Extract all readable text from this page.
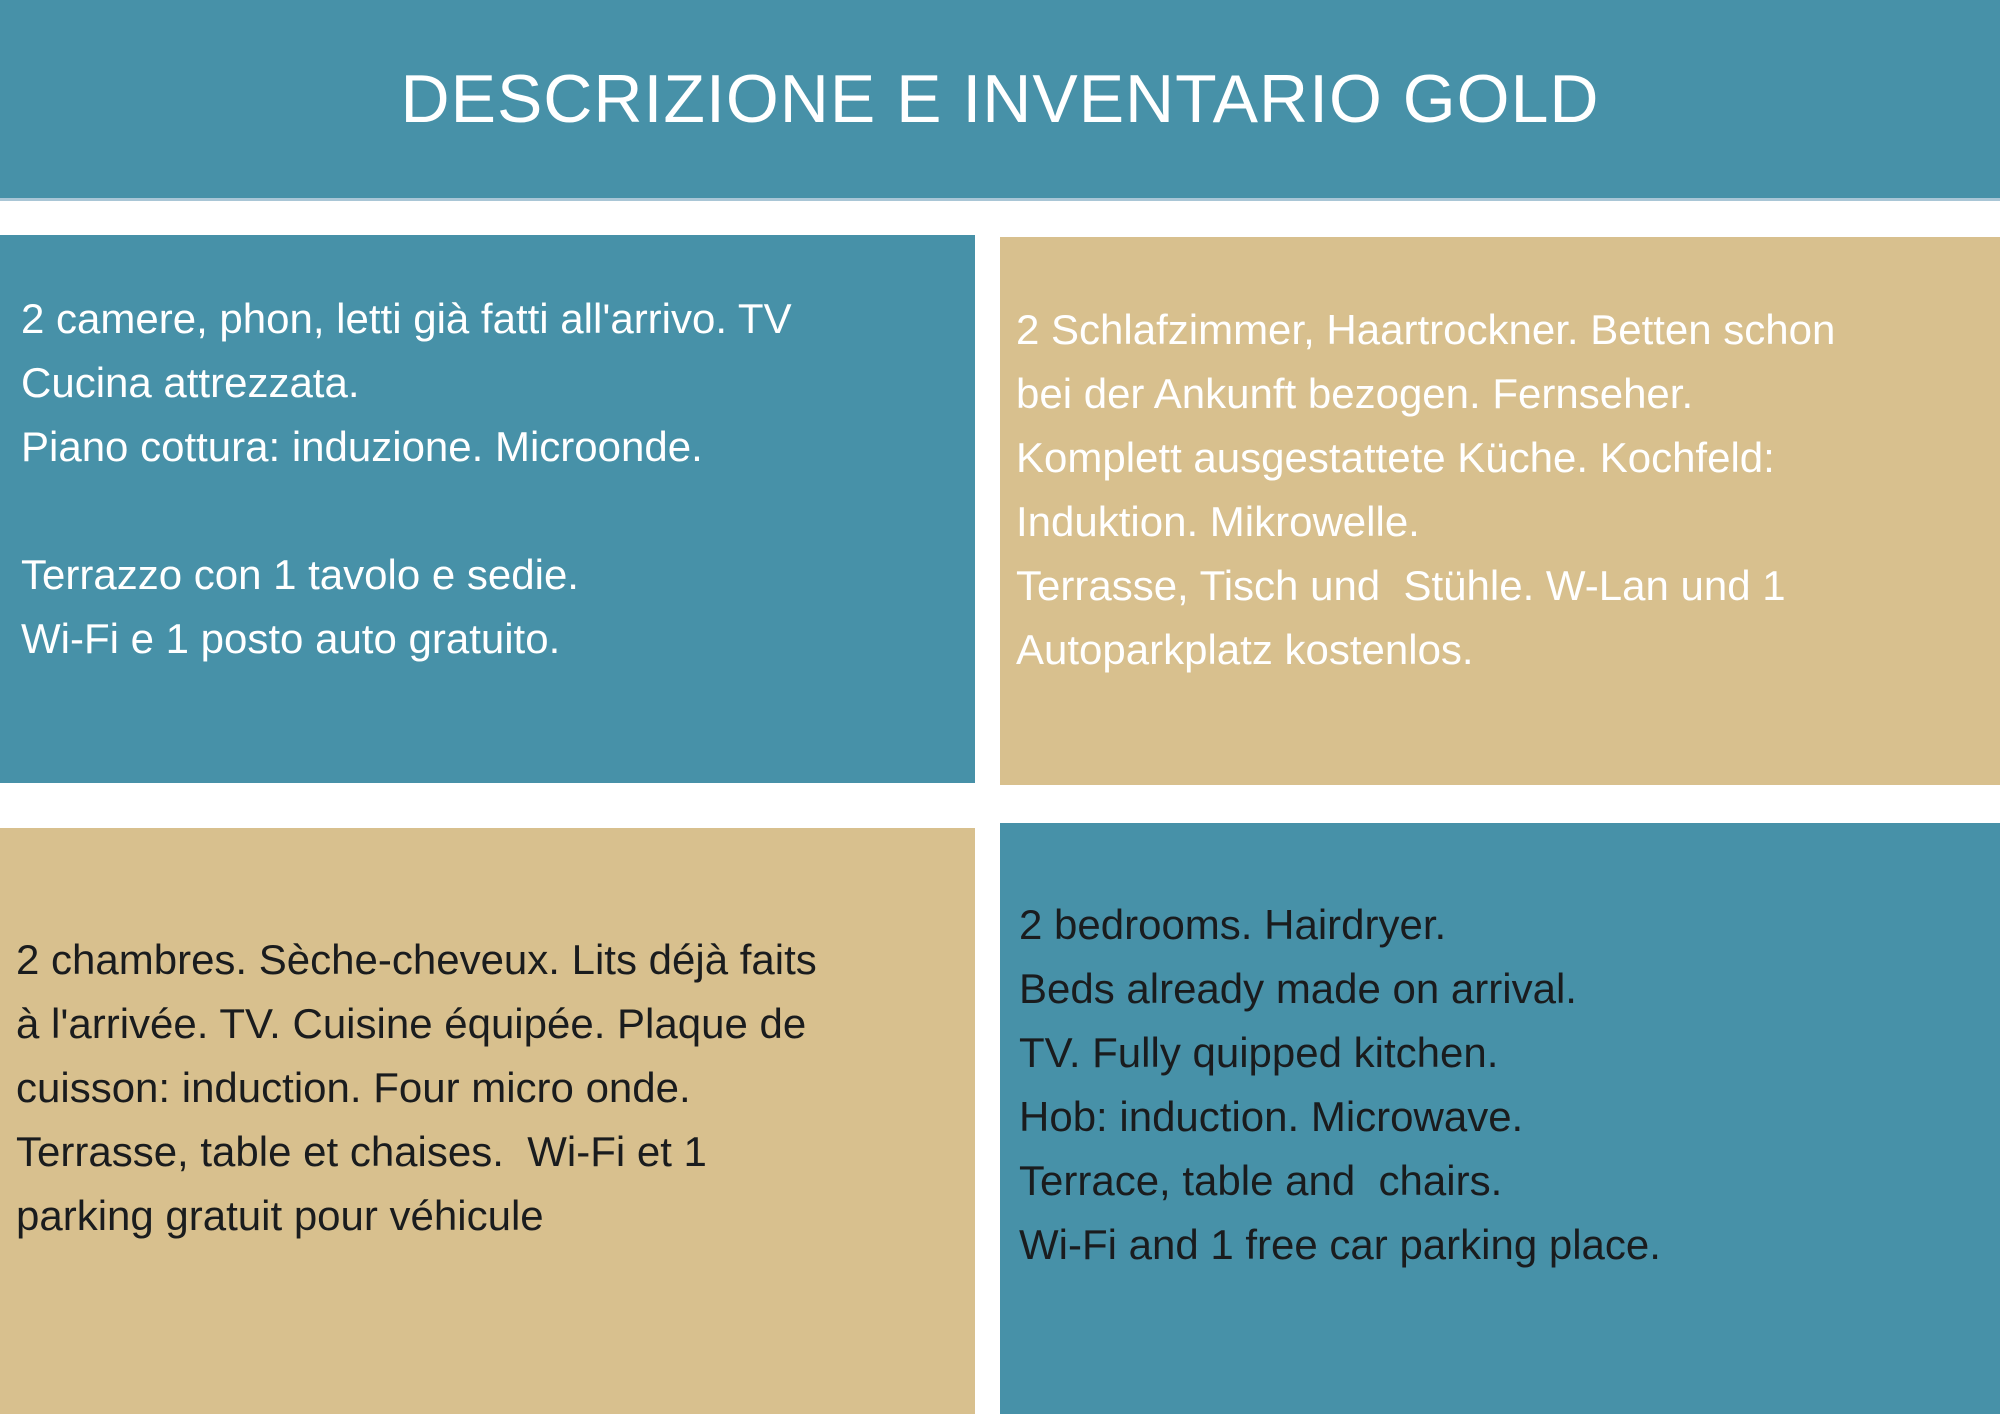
DESCRIZIONE E INVENTARIO GOLD
2 camere, phon, letti già fatti all'arrivo. TV
Cucina attrezzata.
Piano cottura: induzione. Microonde.
Terrazzo con 1 tavolo e sedie.
Wi-Fi e 1 posto auto gratuito.
2 Schlafzimmer, Haartrockner. Betten schon
bei der Ankunft bezogen. Fernseher.
Komplett ausgestattete Küche. Kochfeld:
Induktion. Mikrowelle.
Terrasse, Tisch und  Stühle. W-Lan und 1
Autoparkplatz kostenlos.
2 chambres. Sèche-cheveux. Lits déjà faits
à l'arrivée. TV. Cuisine équipée. Plaque de
cuisson: induction. Four micro onde.
Terrasse, table et chaises.  Wi-Fi et 1
parking gratuit pour véhicule
2 bedrooms. Hairdryer.
Beds already made on arrival.
TV. Fully quipped kitchen.
Hob: induction. Microwave.
Terrace, table and  chairs.
Wi-Fi and 1 free car parking place.
